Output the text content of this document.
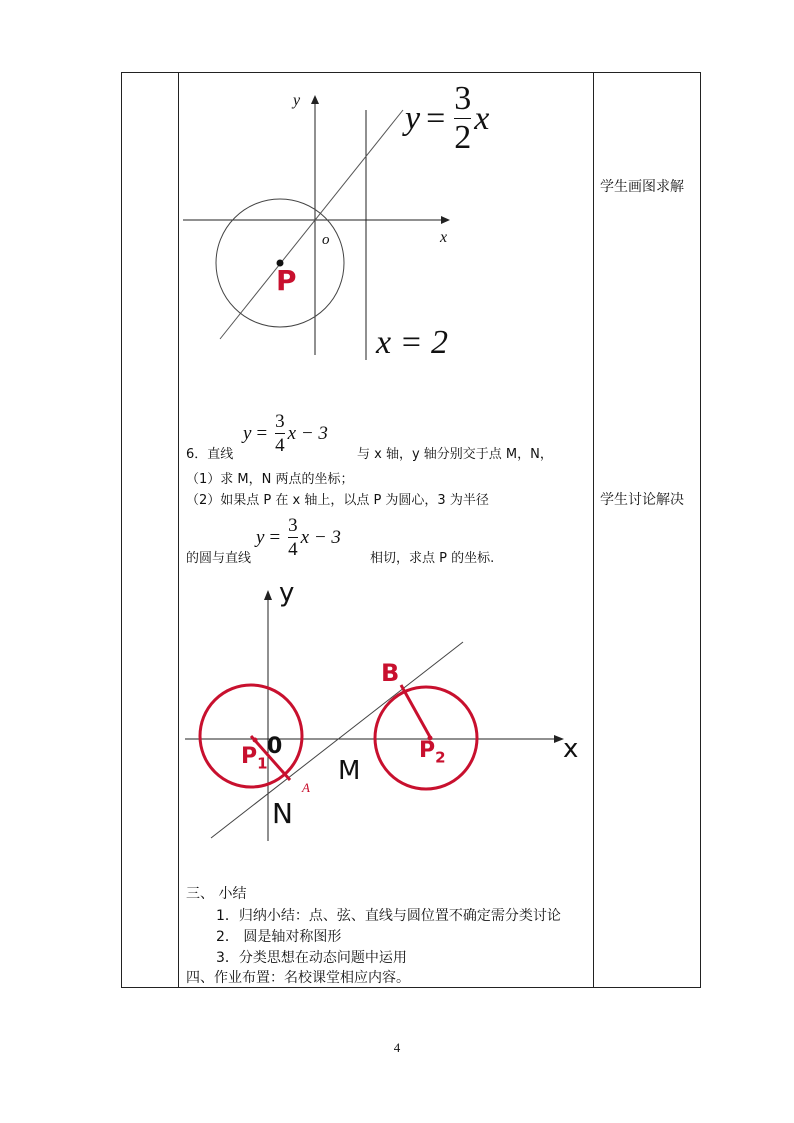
y
x
o
P
$y = \frac{3}{2}$ x
x = 2
学生画图求解
学生讨论解决
6．直线
$y = \frac{3}{4}$ x − 3
与 x 轴，y 轴分别交于点 M，N，
（1）求 M，N 两点的坐标；
（2）如果点 P 在 x 轴上，以点 P 为圆心，3 为半径
的圆与直线
$y = \frac{3}{4}$ x − 3
相切，求点 P 的坐标.
y
x
0
M
N
B
A
$P_1$
$P_2$
三、 小结
1．归纳小结：点、弦、直线与圆位置不确定需分类讨论
2． 圆是轴对称图形
3．分类思想在动态问题中运用
四、作业布置：名校课堂相应内容。
4
